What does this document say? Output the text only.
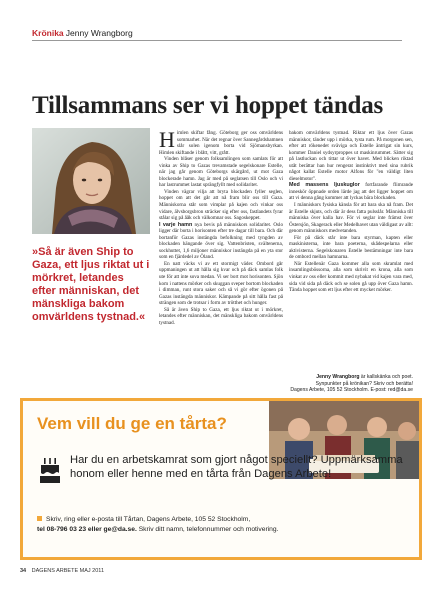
Krönika Jenny Wrangborg
Tillsammans ser vi hoppet tändas
»Så är även Ship to Gaza, ett ljus riktat ut i mörkret, letandes efter människan, det mänskliga bakom omvärldens tystnad.«

Himlen skiftar fång. Göteborg ger oss omvärldens sommarhet. När det regnar över Sannegårdshamnen slår solen igenom borta vid Sjömansbyrkan. Himlen skiftande i blått, vitt, grått.

Vinden blåser genom folksamlingen som samlats för att vinka av Ship to Gazas trevamstade segelskonare Estelle, när jag går genom Göteborgs skärgård, ut mot Gaza blockerade hamn. Jag är med på seglatsen till Oslo och vi har lastrummet lastat sprängfyllt med solidaritet.

Vinden vägrar vilja att bryta blockaden fyller seglen, hoppet om att det går att nå fram blir oss till Gaza. Människorna står som vimplar på kajen och vinkar oss vidare, älvsborgsbron sträcker sig efter oss, fastlandets fyrar stålar sig på ååk och välkomnar oss. Sagoskeppet.

I varje hamn nya bevis på människors solidaritet. Oslo ligger där borta i horisonten efter tre dagar till bara. Och där bortanför Gazas instängda befolkning med tyngden av blockaden hängande över sig. Vattenbristen, svältenerna, sockhuttet, 1,6 miljoner människor instängda på en yta stor som en fjärdedel av Öland.

En natt väcks vi av ett stormigt väder. Ombord går uppmaningen ut att hålla sig kvar och på däck samlas folk ute för att inte sova medan. Vi ser bort mot horisonten. Sjön kom i nattens mörker och skuggan sveper bortom blockaden i dimman, runt stora saker och så vi gör efter ögonen på Gazas instängda människor. Kämpande på sitt hålla fast på strängen som de trotsar i form av trötthet och hunger.

Så är även Ship to Gaza, ett ljus riktat ut i mörkret, letandes efter människan, det mänskliga bakom omvärldens tystnad.

bakom omvärldens tystnad. Riktar ett ljus över Gazas människor, tänder upp i mörka, tysta rum. På morgonen sen, efter att rökenedet sväviga och Estelle äntrigat sin kurs, kommer Daniel sydsyrproppes ut maskinrummet. Sätter sig på lastluckan och tittar ut över havet. Med blicken riktad utåt berättar han hur rengerat instinktivt med sina rubrik något kallat Estelle motor Alfons för "en väldigt liten dieselmotor".

Med massens ljuskuglor fortfarande flimrande inneskör öppnade orden lärde jag att det ligger hoppet om att vi denna gång kommer att lyckas bära blockaden.

I människors fysiska känsla för att bara ska nå fram. Det är Estelle skjuts, och där är dess fatta pulsslår. Människa till människa över kalla hav. För vi seglar inte främst över Östersjön, Skagerack eller Medelhavet utan väldigast av allt: genom människors medvetanden.

För på däck står inte bara styrman, kapten eller maskinisterna, inte bara poeterna, skådespelarna eller aktivisterna. Segelskonaren Estelle bestämningar inte bara de ombord mellan hamnarna.

När Estellenär Gaza kommer alla som skramlat med insamlingsbössorna, alla som skrivit en krona, alla som vinkat av oss eller kommit med nybakat vid kajen vara med, sida vid sida på däck och se solen gå upp över Gaza hamn. Tända hoppet som ett ljus efter ett mycket mörker.

Jenny Wrangborg är kallskänka och poet.
Synpunkter på krönikan? Skriv och berätta!
Dagens Arbete, 105 52 Stockholm. E-post: red@da.se
Vem vill du ge en tårta?
Har du en arbetskamrat som gjort något speciellt? Uppmärksamma honom eller henne med en tårta från Dagens Arbete!
Skriv, ring eller e-posta till Tårtan, Dagens Arbete, 105 52 Stockholm,
tel 08-796 03 23 eller ge@da.se. Skriv ditt namn, telefonnummer och motivering.
34 DAGENS ARBETE MAJ 2011
